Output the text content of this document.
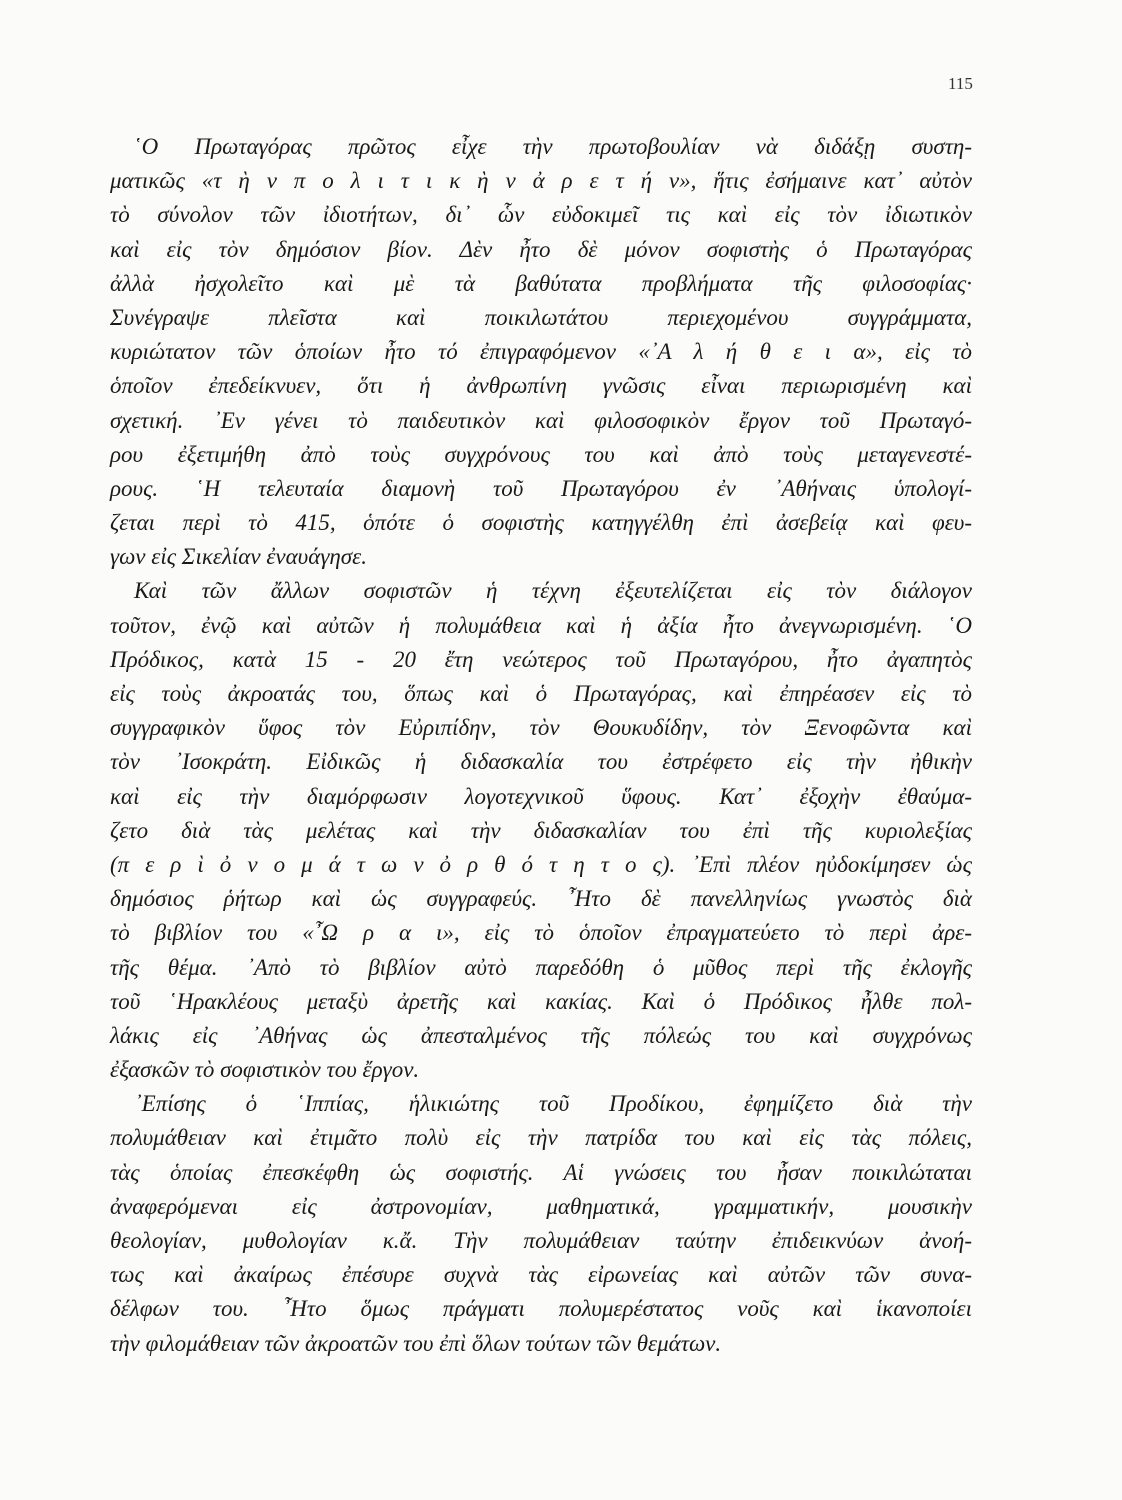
115
῾Ο Πρωταγόρας πρῶτος εἶχε τὴν πρωτοβουλίαν νὰ διδάξῃ συστη-
ματικῶς «τ ὴ ν π ο λ ι τ ι κ ὴ ν ἀ ρ ε τ ή ν», ἥτις ἐσήμαινε κατ᾽ αὐτὸν
τὸ σύνολον τῶν ἰδιοτήτων, δι᾽ ὧν εὐδοκιμεῖ τις καὶ εἰς τὸν ἰδιωτικὸν
καὶ εἰς τὸν δημόσιον βίον. Δὲν ἦτο δὲ μόνον σοφιστὴς ὁ Πρωταγόρας
ἀλλὰ ἠσχολεῖτο καὶ μὲ τὰ βαθύτατα προβλήματα τῆς φιλοσοφίας·
Συνέγραψε πλεῖστα καὶ ποικιλωτάτου περιεχομένου συγγράμματα,
κυριώτατον τῶν ὁποίων ἦτο τό ἐπιγραφόμενον «᾽Α λ ή θ ε ι α», εἰς τὸ
ὁποῖον ἐπεδείκνυεν, ὅτι ἡ ἀνθρωπίνη γνῶσις εἶναι περιωρισμένη καὶ
σχετική. ᾽Εν γένει τὸ παιδευτικὸν καὶ φιλοσοφικὸν ἔργον τοῦ Πρωταγό-
ρου ἐξετιμήθη ἀπὸ τοὺς συγχρόνους του καὶ ἀπὸ τοὺς μεταγενεστέ-
ρους. ῾Η τελευταία διαμονὴ τοῦ Πρωταγόρου ἐν ᾽Αθήναις ὑπολογί-
ζεται περὶ τὸ 415, ὁπότε ὁ σοφιστὴς κατηγγέλθη ἐπὶ ἀσεβείᾳ καὶ φευ-
γων εἰς Σικελίαν ἐναυάγησε.
Καὶ τῶν ἄλλων σοφιστῶν ἡ τέχνη ἐξευτελίζεται εἰς τὸν διάλογον
τοῦτον, ἐνῷ καὶ αὐτῶν ἡ πολυμάθεια καὶ ἡ ἀξία ἦτο ἀνεγνωρισμένη. ῾Ο
Πρόδικος, κατὰ 15 - 20 ἔτη νεώτερος τοῦ Πρωταγόρου, ἦτο ἀγαπητὸς
εἰς τοὺς ἀκροατάς του, ὅπως καὶ ὁ Πρωταγόρας, καὶ ἐπηρέασεν εἰς τὸ
συγγραφικὸν ὕφος τὸν Εὐριπίδην, τὸν Θουκυδίδην, τὸν Ξενοφῶντα καὶ
τὸν ᾽Ισοκράτη. Εἰδικῶς ἡ διδασκαλία του ἐστρέφετο εἰς τὴν ἠθικὴν
καὶ εἰς τὴν διαμόρφωσιν λογοτεχνικοῦ ὕφους. Κατ᾽ ἐξοχὴν ἐθαύμα-
ζετο διὰ τὰς μελέτας καὶ τὴν διδασκαλίαν του ἐπὶ τῆς κυριολεξίας
(π ε ρ ὶ ὀ ν ο μ ά τ ω ν ὀ ρ θ ό τ η τ ο ς). ᾽Επὶ πλέον ηὐδοκίμησεν ὡς
δημόσιος ῥήτωρ καὶ ὡς συγγραφεύς. ῏Ητο δὲ πανελληνίως γνωστὸς διὰ
τὸ βιβλίον του «῏Ω ρ α ι», εἰς τὸ ὁποῖον ἐπραγματεύετο τὸ περὶ ἀρε-
τῆς θέμα. ᾽Απὸ τὸ βιβλίον αὐτὸ παρεδόθη ὁ μῦθος περὶ τῆς ἐκλογῆς
τοῦ ῾Ηρακλέους μεταξὺ ἀρετῆς καὶ κακίας. Καὶ ὁ Πρόδικος ἦλθε πολ-
λάκις εἰς ᾽Αθήνας ὡς ἀπεσταλμένος τῆς πόλεώς του καὶ συγχρόνως
ἐξασκῶν τὸ σοφιστικὸν του ἔργον.
᾽Επίσης ὁ ῾Ιππίας, ἡλικιώτης τοῦ Προδίκου, ἐφημίζετο διὰ τὴν
πολυμάθειαν καὶ ἐτιμᾶτο πολὺ εἰς τὴν πατρίδα του καὶ εἰς τὰς πόλεις,
τὰς ὁποίας ἐπεσκέφθη ὡς σοφιστής. Αἱ γνώσεις του ἦσαν ποικιλώταται
ἀναφερόμεναι εἰς ἀστρονομίαν, μαθηματικά, γραμματικήν, μουσικὴν
θεολογίαν, μυθολογίαν κ.ἄ. Τὴν πολυμάθειαν ταύτην ἐπιδεικνύων ἀνοή-
τως καὶ ἀκαίρως ἐπέσυρε συχνὰ τὰς εἰρωνείας καὶ αὐτῶν τῶν συνα-
δέλφων του. ῏Ητο ὅμως πράγματι πολυμερέστατος νοῦς καὶ ἱκανοποίει
τὴν φιλομάθειαν τῶν ἀκροατῶν του ἐπὶ ὅλων τούτων τῶν θεμάτων.
